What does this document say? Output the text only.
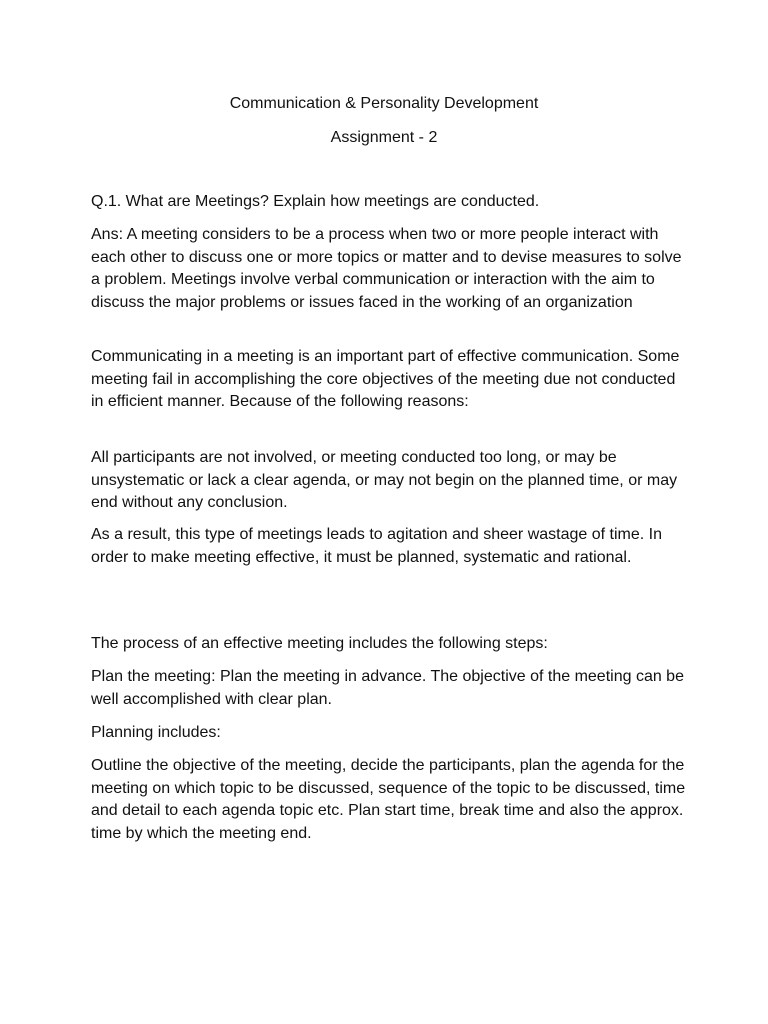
Communication & Personality Development

Assignment - 2

Q.1. What are Meetings? Explain how meetings are conducted.

Ans: A meeting considers to be a process when two or more people interact with each other to discuss one or more topics or matter and to devise measures to solve a problem. Meetings involve verbal communication or interaction with the aim to discuss the major problems or issues faced in the working of an organization

Communicating in a meeting is an important part of effective communication. Some meeting fail in accomplishing the core objectives of the meeting due not conducted in efficient manner. Because of the following reasons:

All participants are not involved, or meeting conducted too long, or may be unsystematic or lack a clear agenda, or may not begin on the planned time, or may end without any conclusion.

As a result, this type of meetings leads to agitation and sheer wastage of time. In order to make meeting effective, it must be planned, systematic and rational.

The process of an effective meeting includes the following steps:

Plan the meeting: Plan the meeting in advance. The objective of the meeting can be well accomplished with clear plan.

Planning includes:

Outline the objective of the meeting, decide the participants, plan the agenda for the meeting on which topic to be discussed, sequence of the topic to be discussed, time and detail to each agenda topic etc. Plan start time, break time and also the approx. time by which the meeting end.
